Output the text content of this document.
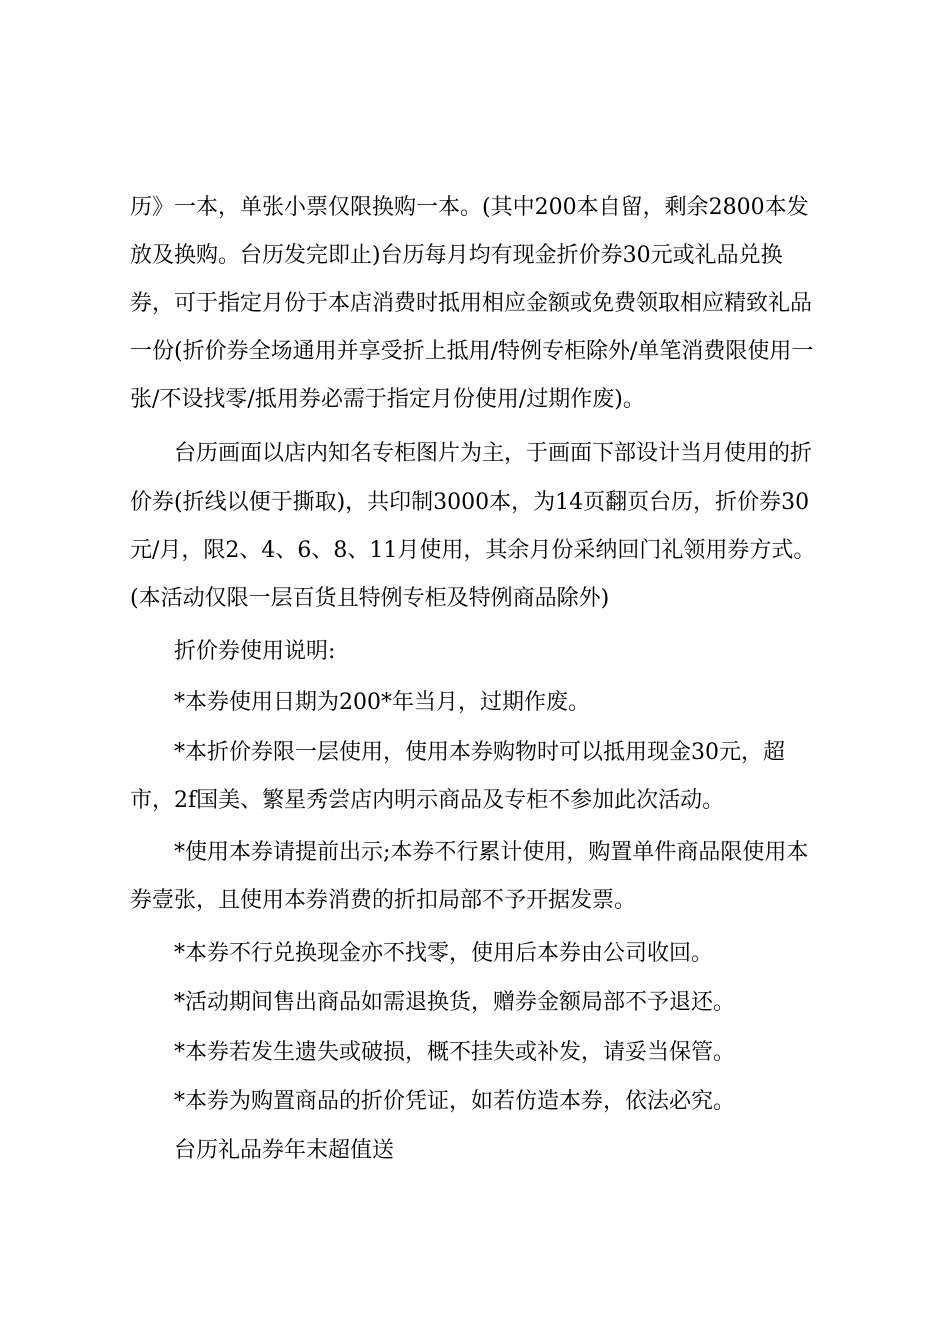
历》一本，单张小票仅限换购一本。(其中200本自留，剩余2800本发
放及换购。台历发完即止)台历每月均有现金折价券30元或礼品兑换
券，可于指定月份于本店消费时抵用相应金额或免费领取相应精致礼品
一份(折价券全场通用并享受折上抵用/特例专柜除外/单笔消费限使用一
张/不设找零/抵用券必需于指定月份使用/过期作废)。
台历画面以店内知名专柜图片为主，于画面下部设计当月使用的折
价券(折线以便于撕取)，共印制3000本，为14页翻页台历，折价券30
元/月，限2、4、6、8、11月使用，其余月份采纳回门礼领用券方式。
(本活动仅限一层百货且特例专柜及特例商品除外)
折价券使用说明:
*本券使用日期为200*年当月，过期作废。
*本折价券限一层使用，使用本券购物时可以抵用现金30元，超
市，2f国美、繁星秀尝店内明示商品及专柜不参加此次活动。
*使用本券请提前出示;本券不行累计使用，购置单件商品限使用本
券壹张，且使用本券消费的折扣局部不予开据发票。
*本券不行兑换现金亦不找零，使用后本券由公司收回。
*活动期间售出商品如需退换货，赠券金额局部不予退还。
*本券若发生遗失或破损，概不挂失或补发，请妥当保管。
*本券为购置商品的折价凭证，如若仿造本券，依法必究。
台历礼品券年末超值送
